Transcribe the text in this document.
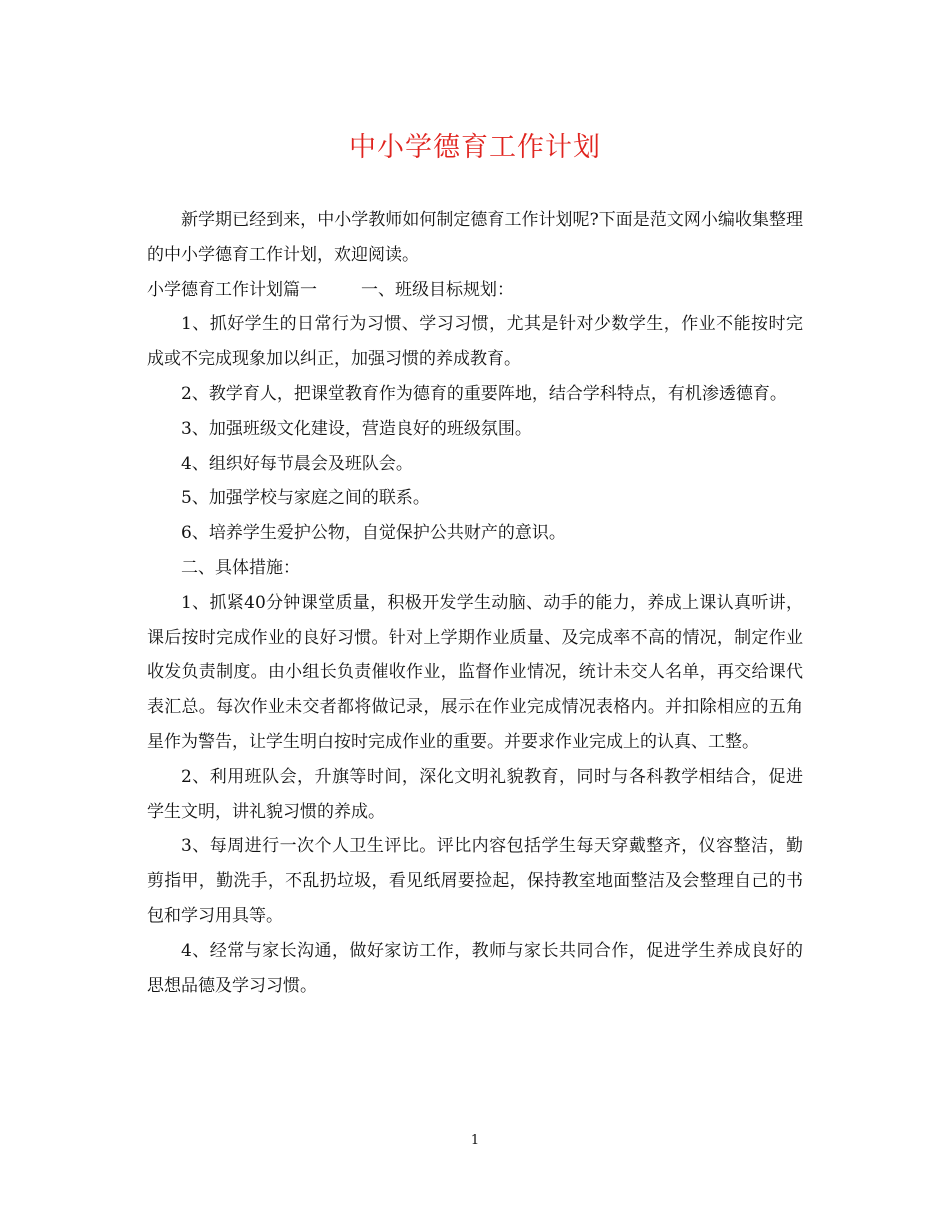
中小学德育工作计划

新学期已经到来，中小学教师如何制定德育工作计划呢?下面是范文网小编收集整理的中小学德育工作计划，欢迎阅读。

小学德育工作计划篇一	一、班级目标规划：

1、抓好学生的日常行为习惯、学习习惯，尤其是针对少数学生，作业不能按时完成或不完成现象加以纠正，加强习惯的养成教育。

2、教学育人，把课堂教育作为德育的重要阵地，结合学科特点，有机渗透德育。

3、加强班级文化建设，营造良好的班级氛围。

4、组织好每节晨会及班队会。

5、加强学校与家庭之间的联系。

6、培养学生爱护公物，自觉保护公共财产的意识。

二、具体措施：

1、抓紧40分钟课堂质量，积极开发学生动脑、动手的能力，养成上课认真听讲，课后按时完成作业的良好习惯。针对上学期作业质量、及完成率不高的情况，制定作业收发负责制度。由小组长负责催收作业，监督作业情况，统计未交人名单，再交给课代表汇总。每次作业未交者都将做记录，展示在作业完成情况表格内。并扣除相应的五角星作为警告，让学生明白按时完成作业的重要。并要求作业完成上的认真、工整。

2、利用班队会，升旗等时间，深化文明礼貌教育，同时与各科教学相结合，促进学生文明，讲礼貌习惯的养成。

3、每周进行一次个人卫生评比。评比内容包括学生每天穿戴整齐，仪容整洁，勤剪指甲，勤洗手，不乱扔垃圾，看见纸屑要捡起，保持教室地面整洁及会整理自己的书包和学习用具等。

4、经常与家长沟通，做好家访工作，教师与家长共同合作，促进学生养成良好的思想品德及学习习惯。

1
